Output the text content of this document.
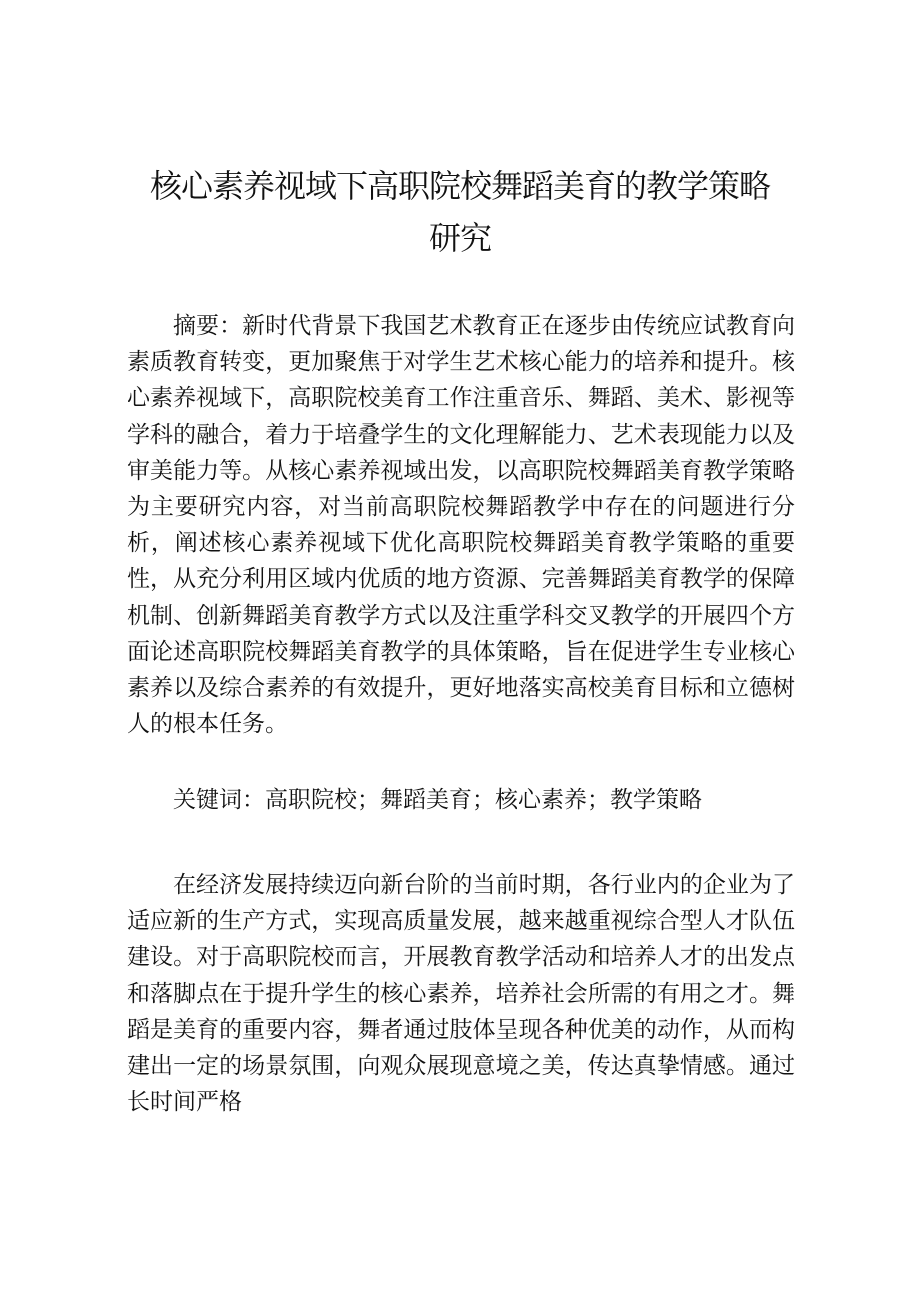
核心素养视域下高职院校舞蹈美育的教学策略
研究

摘要：新时代背景下我国艺术教育正在逐步由传统应试教育向素质教育转变，更加聚焦于对学生艺术核心能力的培养和提升。核心素养视域下，高职院校美育工作注重音乐、舞蹈、美术、影视等学科的融合，着力于培叠学生的文化理解能力、艺术表现能力以及审美能力等。从核心素养视域出发，以高职院校舞蹈美育教学策略为主要研究内容，对当前高职院校舞蹈教学中存在的问题进行分析，阐述核心素养视域下优化高职院校舞蹈美育教学策略的重要性，从充分利用区域内优质的地方资源、完善舞蹈美育教学的保障机制、创新舞蹈美育教学方式以及注重学科交叉教学的开展四个方面论述高职院校舞蹈美育教学的具体策略，旨在促进学生专业核心素养以及综合素养的有效提升，更好地落实高校美育目标和立德树人的根本任务。

关键词：高职院校；舞蹈美育；核心素养；教学策略

在经济发展持续迈向新台阶的当前时期，各行业内的企业为了适应新的生产方式，实现高质量发展，越来越重视综合型人才队伍建设。对于高职院校而言，开展教育教学活动和培养人才的出发点和落脚点在于提升学生的核心素养，培养社会所需的有用之才。舞蹈是美育的重要内容，舞者通过肢体呈现各种优美的动作，从而构建出一定的场景氛围，向观众展现意境之美，传达真挚情感。通过长时间严格
